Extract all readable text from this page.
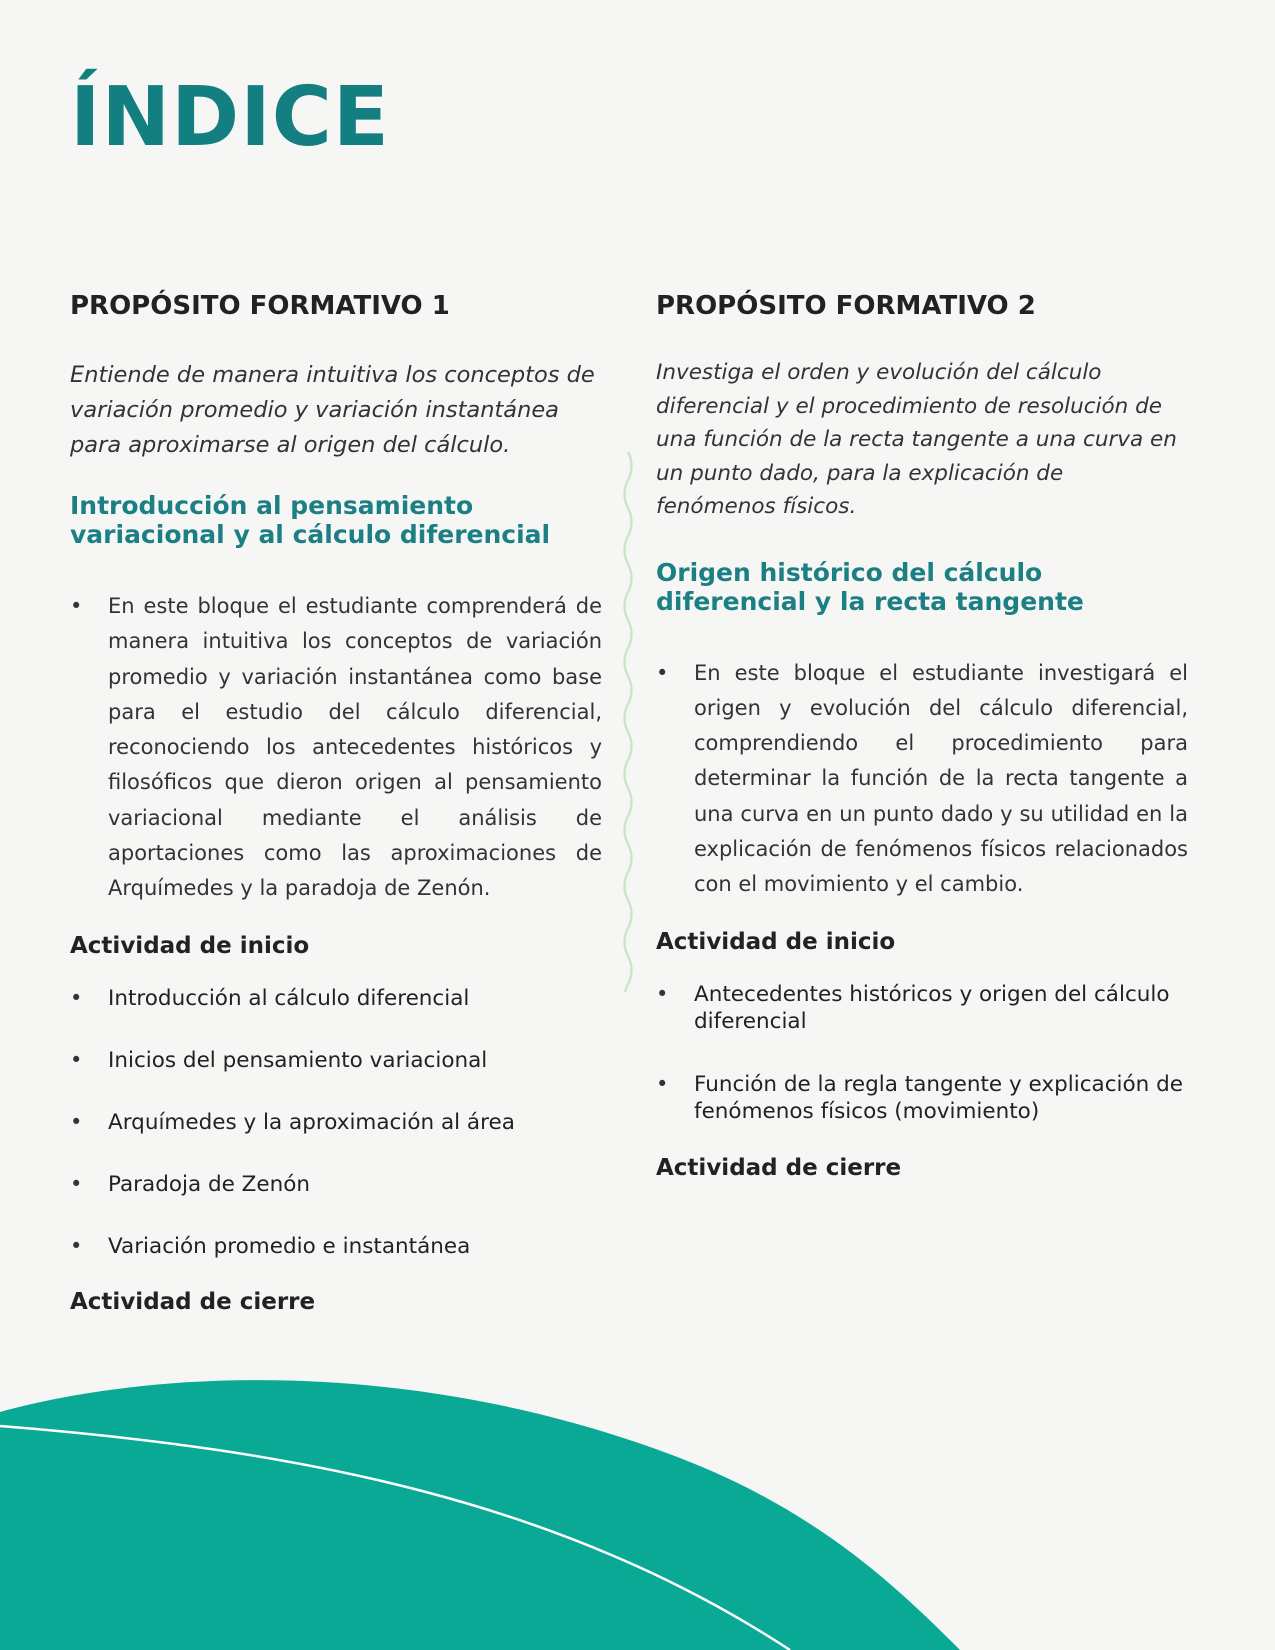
ÍNDICE
PROPÓSITO FORMATIVO 1

Entiende de manera intuitiva los conceptos de variación promedio y variación instantánea para aproximarse al origen del cálculo.

Introducción al pensamiento variacional y al cálculo diferencial
• En este bloque el estudiante comprenderá de manera intuitiva los conceptos de variación promedio y variación instantánea como base para el estudio del cálculo diferencial, reconociendo los antecedentes históricos y filosóficos que dieron origen al pensamiento variacional mediante el análisis de aportaciones como las aproximaciones de Arquímedes y la paradoja de Zenón.
Actividad de inicio
• Introducción al cálculo diferencial
• Inicios del pensamiento variacional
• Arquímedes y la aproximación al área
• Paradoja de Zenón
• Variación promedio e instantánea
Actividad de cierre
PROPÓSITO FORMATIVO 2

Investiga el orden y evolución del cálculo diferencial y el procedimiento de resolución de una función de la recta tangente a una curva en un punto dado, para la explicación de fenómenos físicos.

Origen histórico del cálculo diferencial y la recta tangente
• En este bloque el estudiante investigará el origen y evolución del cálculo diferencial, comprendiendo el procedimiento para determinar la función de la recta tangente a una curva en un punto dado y su utilidad en la explicación de fenómenos físicos relacionados con el movimiento y el cambio.
Actividad de inicio
• Antecedentes históricos y origen del cálculo diferencial
• Función de la regla tangente y explicación de fenómenos físicos (movimiento)
Actividad de cierre
